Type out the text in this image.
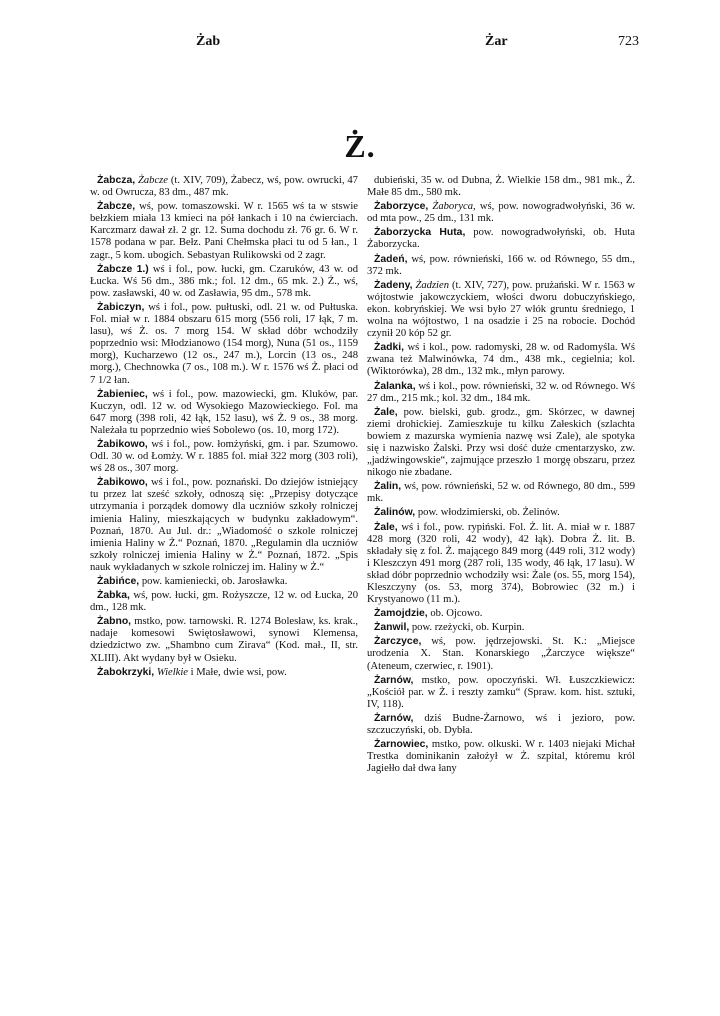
Żab	Żar	723
Ż.

Żabcza, Żabcze (t. XIV, 709), Żabecz, wś, pow. owrucki, 47 w. od Owrucza, 83 dm., 487 mk.

Żabcze, wś, pow. tomaszowski. W r. 1565 wś ta w stswie bełzkiem miała 13 kmieci na pół łankach i 10 na ćwierciach. Karczmarz dawał zł. 2 gr. 12. Suma dochodu zł. 76 gr. 6. W r. 1578 podana w par. Bełz. Pani Chełmska płaci tu od 5 łan., 1 zagr., 5 kom. ubogich. Sebastyan Rulikowski od 2 zagr.

Żabcze 1.) wś i fol., pow. łucki, gm. Czarukόw, 43 w. od Łucka. Wś 56 dm., 386 mk.; fol. 12 dm., 65 mk. 2.) Ż., wś, pow. zasławski, 40 w. od Zasławia, 95 dm., 578 mk.

Żabiczyn, wś i fol., pow. pułtuski, odl. 21 w. od Pułtuska. Fol. miał w r. 1884 obszaru 615 morg (556 roli, 17 łąk, 7 m. lasu), wś Ż. os. 7 morg 154. W skład dóbr wchodziły poprzednio wsi: Młodzianowo (154 morg), Nuna (51 os., 1159 morg), Kucharzewo (12 os., 247 m.), Lorcin (13 os., 248 morg.), Chechnowka (7 os., 108 m.). W r. 1576 wś Ż. płaci od 7 1/2 łan.

Żabieniec, wś i fol., pow. mazowiecki, gm. Kluków, par. Kuczyn, odl. 12 w. od Wysokiego Mazowieckiego. Fol. ma 647 morg (398 roli, 42 łąk, 152 lasu), wś Ż. 9 os., 38 morg. Należała tu poprzednio wieś Sobolewo (os. 10, morg 172).

Żabikowo, wś i fol., pow. łomżyński, gm. i par. Szumowo. Odl. 30 w. od Łomży. W r. 1885 fol. miał 322 morg (303 roli), wś 28 os., 307 morg.

Żabikowo, wś i fol., pow. poznański. Do dziejów istniejący tu przez lat sześć szkoły, odnoszą się: „Przepisy dotyczące utrzymania i porządek domowy dla uczniów szkoły rolniczej imienia Haliny, mieszkających w budynku zakładowym“. Poznań, 1870. Au Jul. dr.: „Wiadomość o szkole rolniczej imienia Haliny w Ż.“ Poznań, 1870. „Regulamin dla uczniów szkoły rolniczej imienia Haliny w Ż.“ Poznań, 1872. „Spis nauk wykładanych w szkole rolniczej im. Haliny w Ż.“

Żabińce, pow. kamieniecki, ob. Jarosławka.

Żabka, wś, pow. łucki, gm. Rożyszcze, 12 w. od Łucka, 20 dm., 128 mk.

Żabno, mstko, pow. tarnowski. R. 1274 Bolesław, ks. krak., nadaje komesowi Swiętosławowi, synowi Klemensa, dziedzictwo zw. „Shambno cum Zirava“ (Kod. mał., II, str. XLIII). Akt wydany był w Osieku.

Żabokrzyki, Wielkie i Małe, dwie wsi, pow.

dubieński, 35 w. od Dubna, Ż. Wielkie 158 dm., 981 mk., Ż. Małe 85 dm., 580 mk.

Żaborzyce, Żaboryca, wś, pow. nowogradwołyński, 36 w. od mta pow., 25 dm., 131 mk.

Żaborzycka Huta, pow. nowogradwołyński, ob. Huta Żaborzycka.

Żadeń, wś, pow. równieński, 166 w. od Równego, 55 dm., 372 mk.

Żadeny, Żadzien (t. XIV, 727), pow. prużański. W r. 1563 w wójtostwie jakowczyckiem, włości dworu dobuczyńskiego, ekon. kobryńskiej. We wsi było 27 włók gruntu średniego, 1 wolna na wójtostwo, 1 na osadzie i 25 na robocie. Dochód czynił 20 kóp 52 gr.

Żadki, wś i kol., pow. radomyski, 28 w. od Radomyśla. Wś zwana też Malwinówka, 74 dm., 438 mk., cegielnia; kol. (Wiktorówka), 28 dm., 132 mk., młyn parowy.

Żalanka, wś i kol., pow. równieński, 32 w. od Równego. Wś 27 dm., 215 mk.; kol. 32 dm., 184 mk.

Żale, pow. bielski, gub. grodz., gm. Skórzec, w dawnej ziemi drohickiej. Zamieszkuje tu kilku Załeskich (szlachta bowiem z mazurska wymienia nazwę wsi Zale), ale spotyka się i nazwisko Żalski. Przy wsi dość duże cmentarzysko, zw. „jadźwingowskie“, zajmujące przeszło 1 morgę obszaru, przez nikogo nie zbadane.

Żalin, wś, pow. równieński, 52 w. od Równego, 80 dm., 599 mk.

Żalinów, pow. włodzimierski, ob. Żelinów.

Żale, wś i fol., pow. rypiński. Fol. Ż. lit. A. miał w r. 1887 428 morg (320 roli, 42 wody), 42 łąk). Dobra Ż. lit. B. składały się z fol. Ż. mającego 849 morg (449 roli, 312 wody) i Kleszczyn 491 morg (287 roli, 135 wody, 46 łąk, 17 lasu). W skład dóbr poprzednio wchodziły wsi: Żale (os. 55, morg 154), Kleszczyny (os. 53, morg 374), Bobrowiec (32 m.) i Krystyanowo (11 m.).

Żamojdzie, ob. Ojcowo.

Żanwil, pow. rzeżycki, ob. Kurpin.

Żarczyce, wś, pow. jędrzejowski. St. K.: „Miejsce urodzenia X. Stan. Konarskiego „Żarczyce większe“ (Ateneum, czerwiec, r. 1901).

Żarnów, mstko, pow. opoczyński. Wł. Łuszczkiewicz: „Kościół par. w Ż. i reszty zamku“ (Spraw. kom. hist. sztuki, IV, 118).

Żarnów, dziś Budne-Żarnowo, wś i jezioro, pow. szczuczyński, ob. Dybła.

Żarnowiec, mstko, pow. olkuski. W r. 1403 niejaki Michał Trestka dominikanin założył w Ż. szpital, któremu król Jagiełło dał dwa łany
